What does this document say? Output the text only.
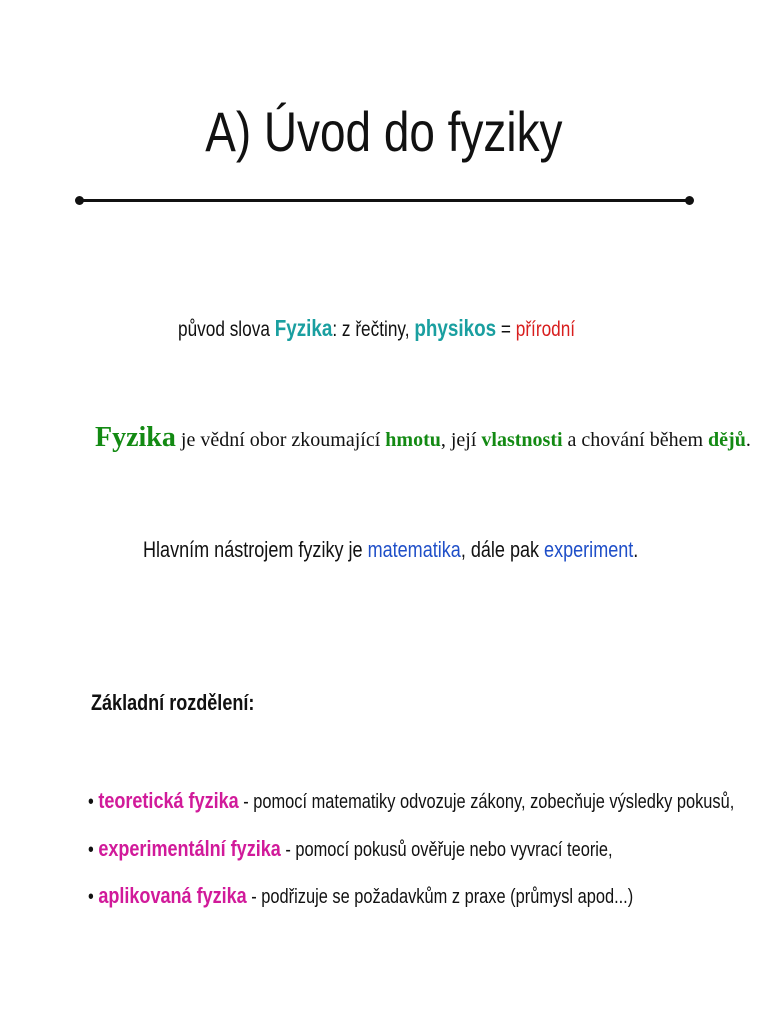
A) Úvod do fyziky

původ slova Fyzika: z řečtiny, physikos = přírodní

Fyzika je vědní obor zkoumající hmotu, její vlastnosti a chování během dějů.

Hlavním nástrojem fyziky je matematika, dále pak experiment.

Základní rozdělení:
• teoretická fyzika - pomocí matematiky odvozuje zákony, zobecňuje výsledky pokusů,
• experimentální fyzika - pomocí pokusů ověřuje nebo vyvrací teorie,
• aplikovaná fyzika - podřizuje se požadavkům z praxe (průmysl apod...)
